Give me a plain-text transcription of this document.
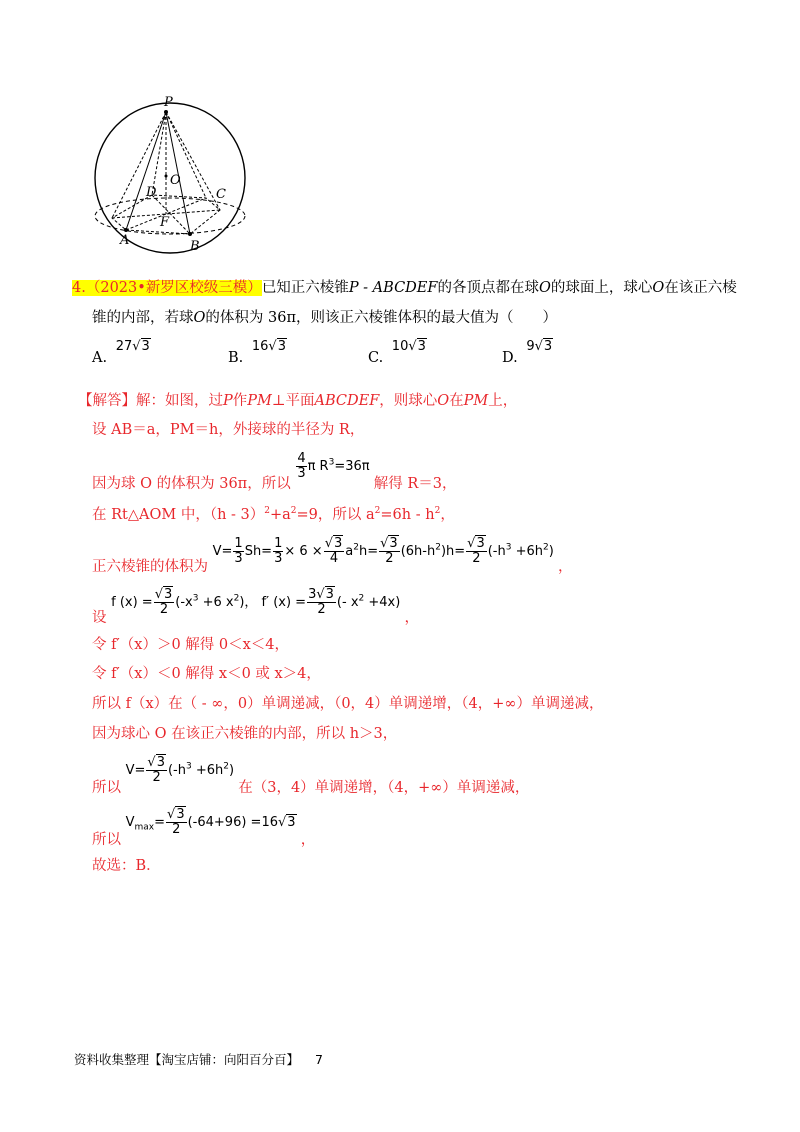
P
O
D	C
F
A	B
4.（2023•新罗区校级三模）已知正六棱锥P - ABCDEF的各顶点都在球O的球面上，球心O在该正六棱
锥的内部，若球O的体积为 36π，则该正六棱锥体积的最大值为（　　）
A. 27√3
B. 16√3
C. 10√3
D. 9√3
【解答】解：如图，过P作PM⊥平面ABCDEF，则球心O在PM上，
设 AB＝a，PM＝h，外接球的半径为 R，
因为球 O 的体积为 36π，所以
$\frac{4}{3}$ π $R^3=36\pi$ 解得 R＝3，
在 Rt△AOM 中，$(h - 3)^2+a^2=9$，所以 $a^2=6h - h^2$，
正六棱锥的体积为 $V= \frac{1}{3} Sh= \frac{1}{3} \times 6 \times \frac{√3}{4} a^2h= \frac{√3}{2} (6h-h^2)h= \frac{√3}{2} (-h^3 +6h^2)$ ，
设 f $(x) = \frac{√3}{2} (-x^3 +6$ $x^2$)， f′ $(x) = \frac{3√3}{2}$ (- $x^2 +4x$) ，
令 f′（x）＞0 解得 0＜x＜4，
令 f′（x）＜0 解得 x＜0 或 x＞4，
所以 f（x）在（ - ∞，0）单调递减，（0，4）单调递增，（4，+∞）单调递减，
因为球心 O 在该正六棱锥的内部，所以 h＞3，
所以 $V= \frac{√3}{2} (-h^3 +6h^2)$ 在（3，4）单调递增，（4，+∞）单调递减，
所以 $V_{max}= \frac{√3}{2} (-64+96) =16√3$ ，
故选：B．
资料收集整理【淘宝店铺：向阳百分百】 7
